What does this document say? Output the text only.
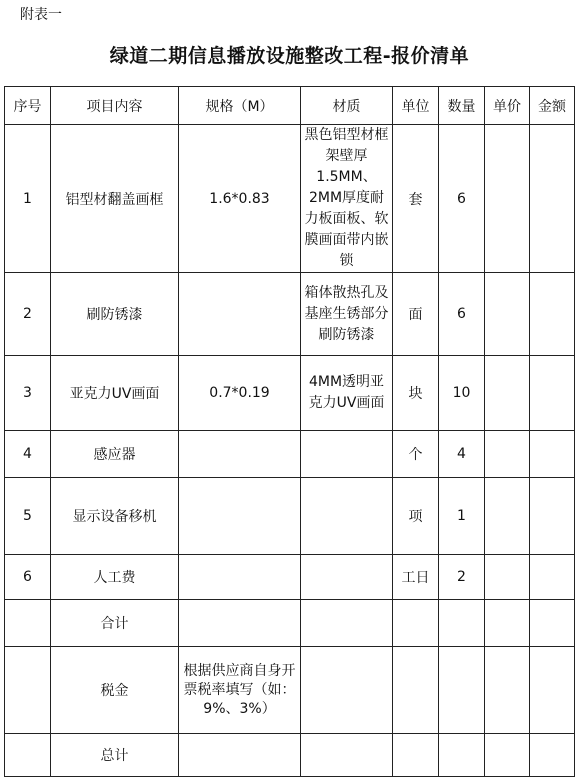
附表一
绿道二期信息播放设施整改工程-报价清单
序号	项目内容	规格（M）	材质	单位	数量	单价	金额
1	铝型材翻盖画框	1.6*0.83	黑色铝型材框架壁厚1.5MM、2MM厚度耐力板面板、软膜画面带内嵌锁	套	6		
2	刷防锈漆		箱体散热孔及基座生锈部分刷防锈漆	面	6		
3	亚克力UV画面	0.7*0.19	4MM透明亚克力UV画面	块	10		
4	感应器			个	4		
5	显示设备移机			项	1		
6	人工费			工日	2		
	合计						
	税金	根据供应商自身开票税率填写（如：9%、3%）					
	总计						
